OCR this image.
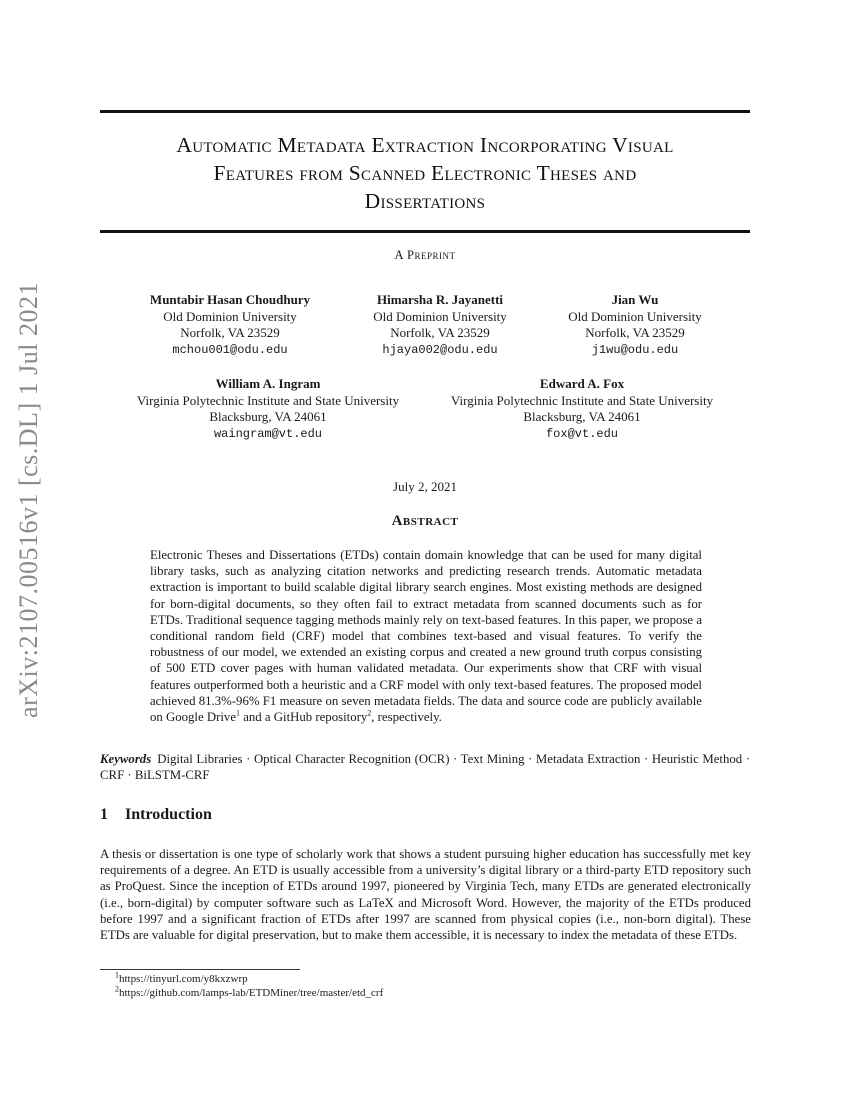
arXiv:2107.00516v1 [cs.DL] 1 Jul 2021
Automatic Metadata Extraction Incorporating Visual
Features from Scanned Electronic Theses and
Dissertations
A Preprint
Muntabir Hasan Choudhury
Old Dominion University
Norfolk, VA 23529
mchou001@odu.edu
Himarsha R. Jayanetti
Old Dominion University
Norfolk, VA 23529
hjaya002@odu.edu
Jian Wu
Old Dominion University
Norfolk, VA 23529
j1wu@odu.edu
William A. Ingram
Virginia Polytechnic Institute and State University
Blacksburg, VA 24061
waingram@vt.edu
Edward A. Fox
Virginia Polytechnic Institute and State University
Blacksburg, VA 24061
fox@vt.edu
July 2, 2021
Abstract
Electronic Theses and Dissertations (ETDs) contain domain knowledge that can be used for many digital library tasks, such as analyzing citation networks and predicting research trends. Automatic metadata extraction is important to build scalable digital library search engines. Most existing methods are designed for born-digital documents, so they often fail to extract metadata from scanned documents such as for ETDs. Traditional sequence tagging methods mainly rely on text-based features. In this paper, we propose a conditional random field (CRF) model that combines text-based and visual features. To verify the robustness of our model, we extended an existing corpus and created a new ground truth corpus consisting of 500 ETD cover pages with human validated metadata. Our experiments show that CRF with visual features outperformed both a heuristic and a CRF model with only text-based features. The proposed model achieved 81.3%-96% F1 measure on seven metadata fields. The data and source code are publicly available on Google Drive$^1$ and a GitHub repository$^2$, respectively.
Keywords Digital Libraries · Optical Character Recognition (OCR) · Text Mining · Metadata Extraction · Heuristic Method · CRF · BiLSTM-CRF
1 Introduction
A thesis or dissertation is one type of scholarly work that shows a student pursuing higher education has successfully met key requirements of a degree. An ETD is usually accessible from a university’s digital library or a third-party ETD repository such as ProQuest. Since the inception of ETDs around 1997, pioneered by Virginia Tech, many ETDs are generated electronically (i.e., born-digital) by computer software such as LaTeX and Microsoft Word. However, the majority of the ETDs produced before 1997 and a significant fraction of ETDs after 1997 are scanned from physical copies (i.e., non-born digital). These ETDs are valuable for digital preservation, but to make them accessible, it is necessary to index the metadata of these ETDs.
$^1$https://tinyurl.com/y8kxzwrp
$^2$https://github.com/lamps-lab/ETDMiner/tree/master/etd_crf
